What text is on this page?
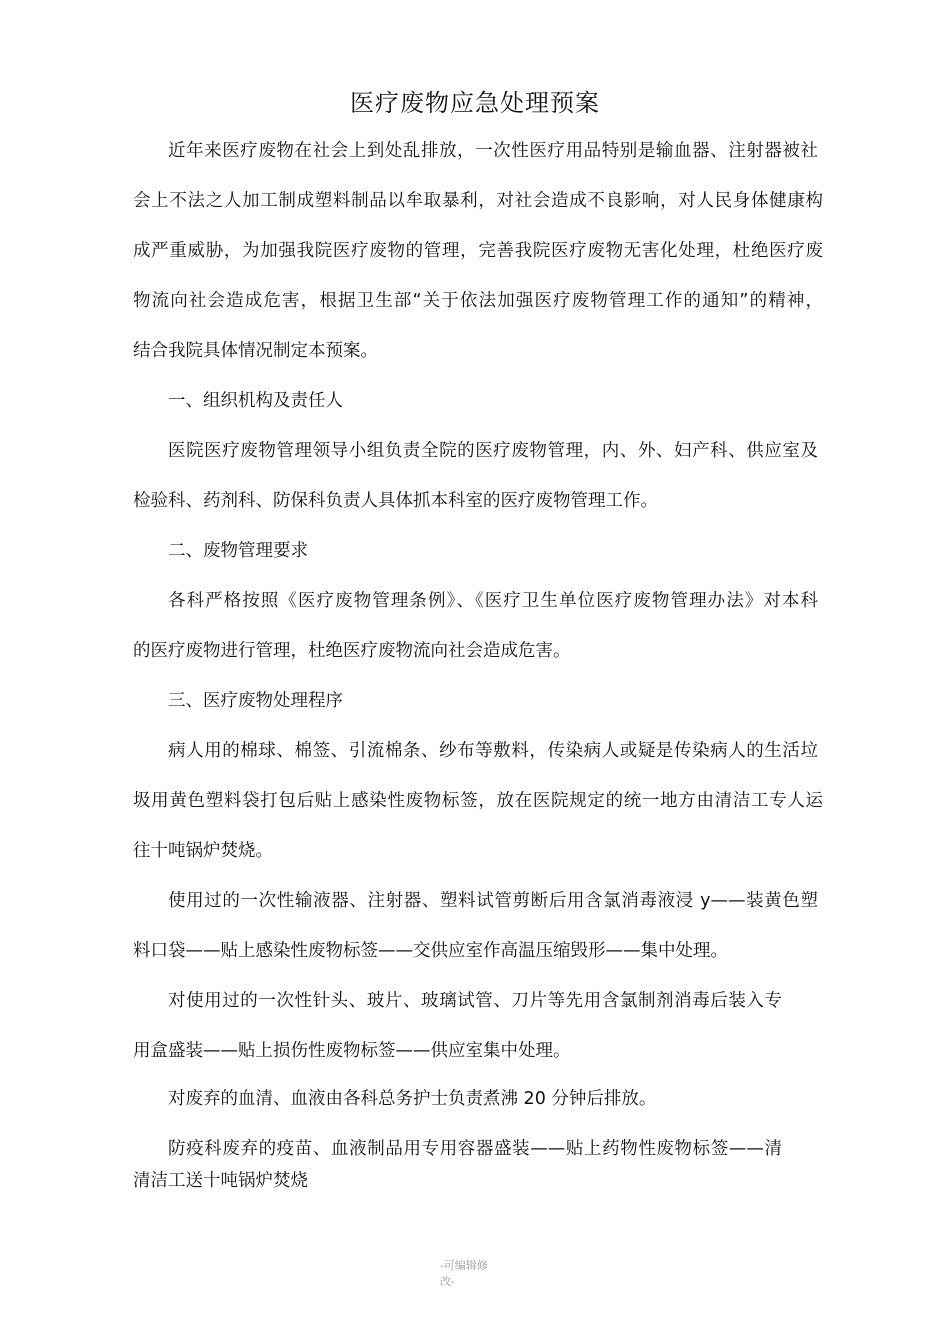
医疗废物应急处理预案
近年来医疗废物在社会上到处乱排放，一次性医疗用品特别是输血器、注射器被社
会上不法之人加工制成塑料制品以牟取暴利，对社会造成不良影响，对人民身体健康构
成严重威胁，为加强我院医疗废物的管理，完善我院医疗废物无害化处理，杜绝医疗废
物流向社会造成危害，根据卫生部“关于依法加强医疗废物管理工作的通知”的精神，
结合我院具体情况制定本预案。
一、组织机构及责任人
医院医疗废物管理领导小组负责全院的医疗废物管理，内、外、妇产科、供应室及
检验科、药剂科、防保科负责人具体抓本科室的医疗废物管理工作。
二、废物管理要求
各科严格按照《医疗废物管理条例》、《医疗卫生单位医疗废物管理办法》对本科
的医疗废物进行管理，杜绝医疗废物流向社会造成危害。
三、医疗废物处理程序
病人用的棉球、棉签、引流棉条、纱布等敷料，传染病人或疑是传染病人的生活垃
圾用黄色塑料袋打包后贴上感染性废物标签，放在医院规定的统一地方由清洁工专人运
往十吨锅炉焚烧。
使用过的一次性输液器、注射器、塑料试管剪断后用含氯消毒液浸 y——装黄色塑
料口袋——贴上感染性废物标签——交供应室作高温压缩毁形——集中处理。
对使用过的一次性针头、玻片、玻璃试管、刀片等先用含氯制剂消毒后装入专
用盒盛装——贴上损伤性废物标签——供应室集中处理。
对废弃的血清、血液由各科总务护士负责煮沸 20 分钟后排放。
防疫科废弃的疫苗、血液制品用专用容器盛装——贴上药物性废物标签——清
清洁工送十吨锅炉焚烧
-可编辑修
改-
